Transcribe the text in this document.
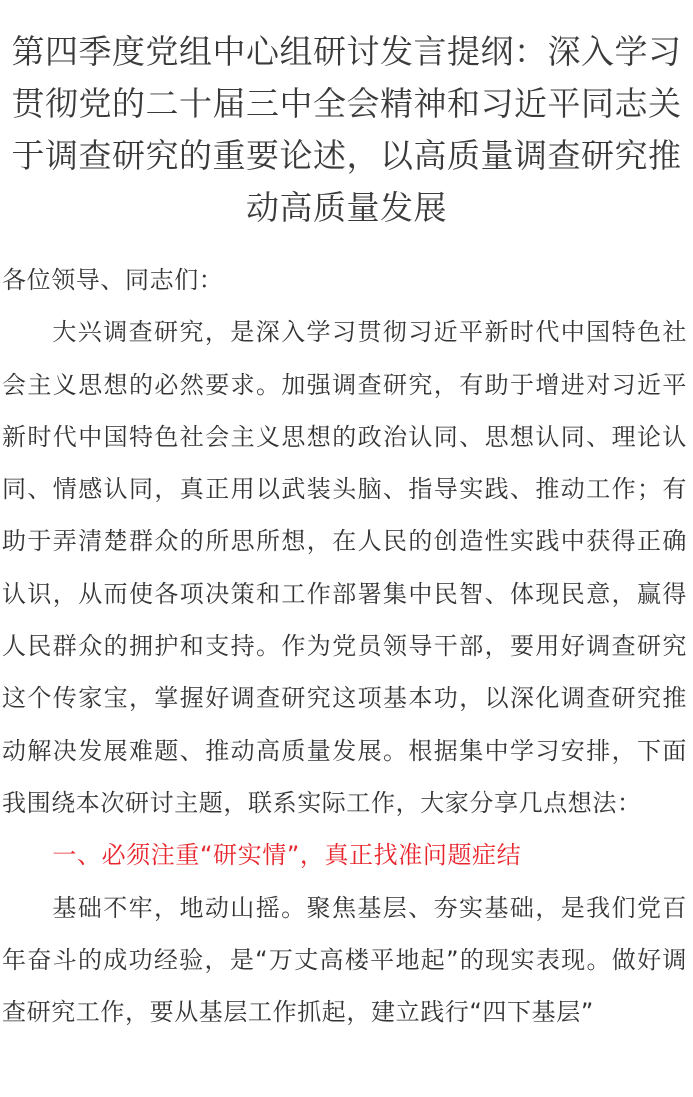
第四季度党组中心组研讨发言提纲：深入学习贯彻党的二十届三中全会精神和习近平同志关于调查研究的重要论述，以高质量调查研究推动高质量发展

各位领导、同志们：

大兴调查研究，是深入学习贯彻习近平新时代中国特色社会主义思想的必然要求。加强调查研究，有助于增进对习近平新时代中国特色社会主义思想的政治认同、思想认同、理论认同、情感认同，真正用以武装头脑、指导实践、推动工作；有助于弄清楚群众的所思所想，在人民的创造性实践中获得正确认识，从而使各项决策和工作部署集中民智、体现民意，赢得人民群众的拥护和支持。作为党员领导干部，要用好调查研究这个传家宝，掌握好调查研究这项基本功，以深化调查研究推动解决发展难题、推动高质量发展。根据集中学习安排，下面我围绕本次研讨主题，联系实际工作，大家分享几点想法：

一、必须注重“研实情”，真正找准问题症结

基础不牢，地动山摇。聚焦基层、夯实基础，是我们党百年奋斗的成功经验，是“万丈高楼平地起”的现实表现。做好调查研究工作，要从基层工作抓起，建立践行“四下基层”
